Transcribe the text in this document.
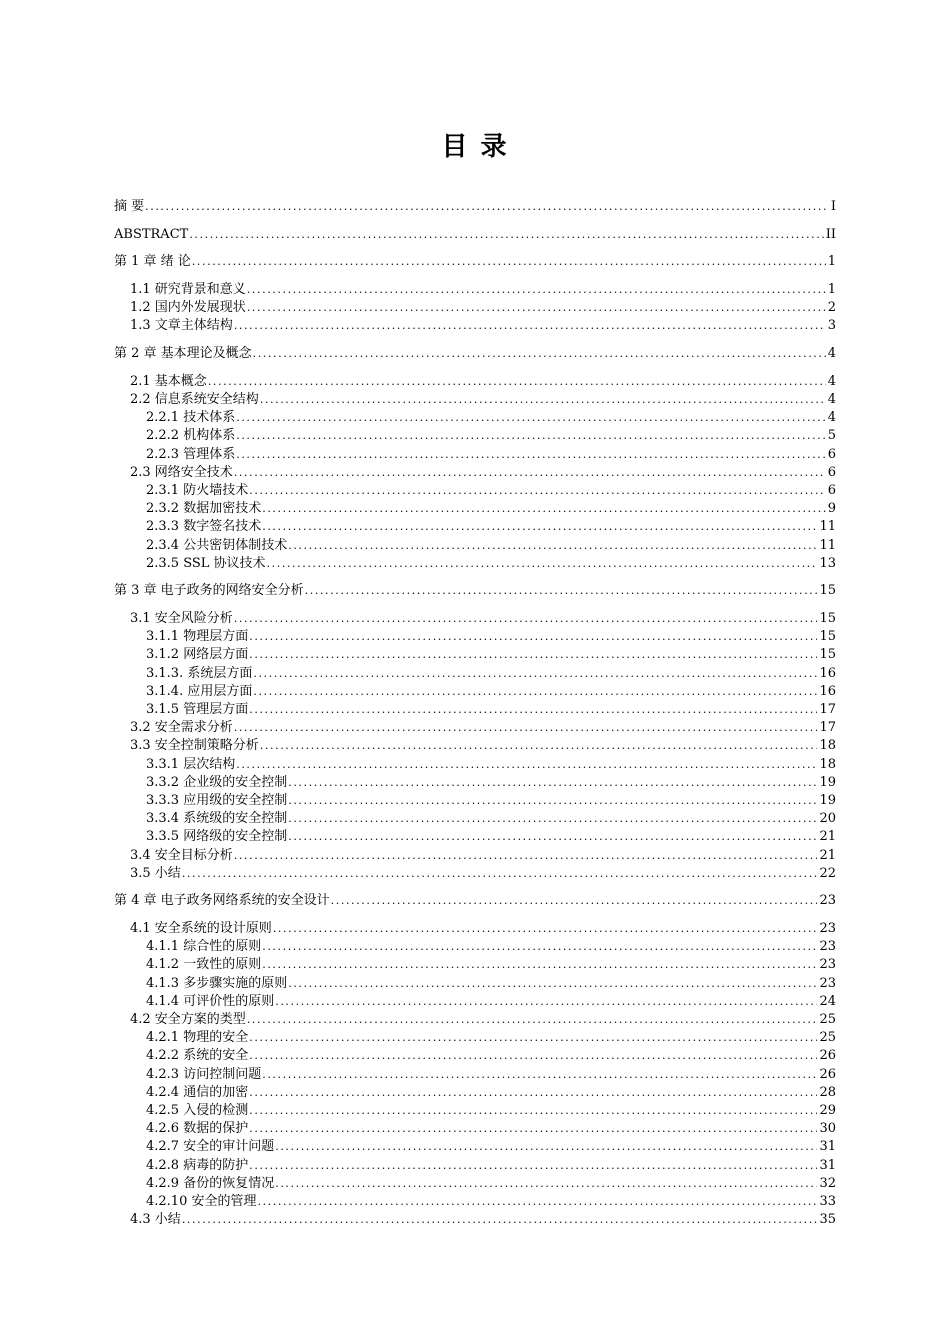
目 录
摘 要 .....	I
ABSTRACT .....	II
第 1 章 绪 论 .....	1
1.1 研究背景和意义 .....	1
1.2 国内外发展现状 .....	2
1.3 文章主体结构 .....	3
第 2 章 基本理论及概念 .....	4
2.1 基本概念 .....	4
2.2 信息系统安全结构 .....	4
2.2.1 技术体系 .....	4
2.2.2 机构体系 .....	5
2.2.3 管理体系 .....	6
2.3 网络安全技术 .....	6
2.3.1 防火墙技术 .....	6
2.3.2 数据加密技术 .....	9
2.3.3 数字签名技术 .....	11
2.3.4 公共密钥体制技术 .....	11
2.3.5 SSL 协议技术 .....	13
第 3 章 电子政务的网络安全分析 .....	15
3.1 安全风险分析 .....	15
3.1.1 物理层方面 .....	15
3.1.2 网络层方面 .....	15
3.1.3. 系统层方面 .....	16
3.1.4. 应用层方面 .....	16
3.1.5 管理层方面 .....	17
3.2 安全需求分析 .....	17
3.3 安全控制策略分析 .....	18
3.3.1 层次结构 .....	18
3.3.2 企业级的安全控制 .....	19
3.3.3 应用级的安全控制 .....	19
3.3.4 系统级的安全控制 .....	20
3.3.5 网络级的安全控制 .....	21
3.4 安全目标分析 .....	21
3.5 小结 .....	22
第 4 章 电子政务网络系统的安全设计 .....	23
4.1 安全系统的设计原则 .....	23
4.1.1 综合性的原则 .....	23
4.1.2 一致性的原则 .....	23
4.1.3 多步骤实施的原则 .....	23
4.1.4 可评价性的原则 .....	24
4.2 安全方案的类型 .....	25
4.2.1 物理的安全 .....	25
4.2.2 系统的安全 .....	26
4.2.3 访问控制问题 .....	26
4.2.4 通信的加密 .....	28
4.2.5 入侵的检测 .....	29
4.2.6 数据的保护 .....	30
4.2.7 安全的审计问题 .....	31
4.2.8 病毒的防护 .....	31
4.2.9 备份的恢复情况 .....	32
4.2.10 安全的管理 .....	33
4.3 小结 .....	35
